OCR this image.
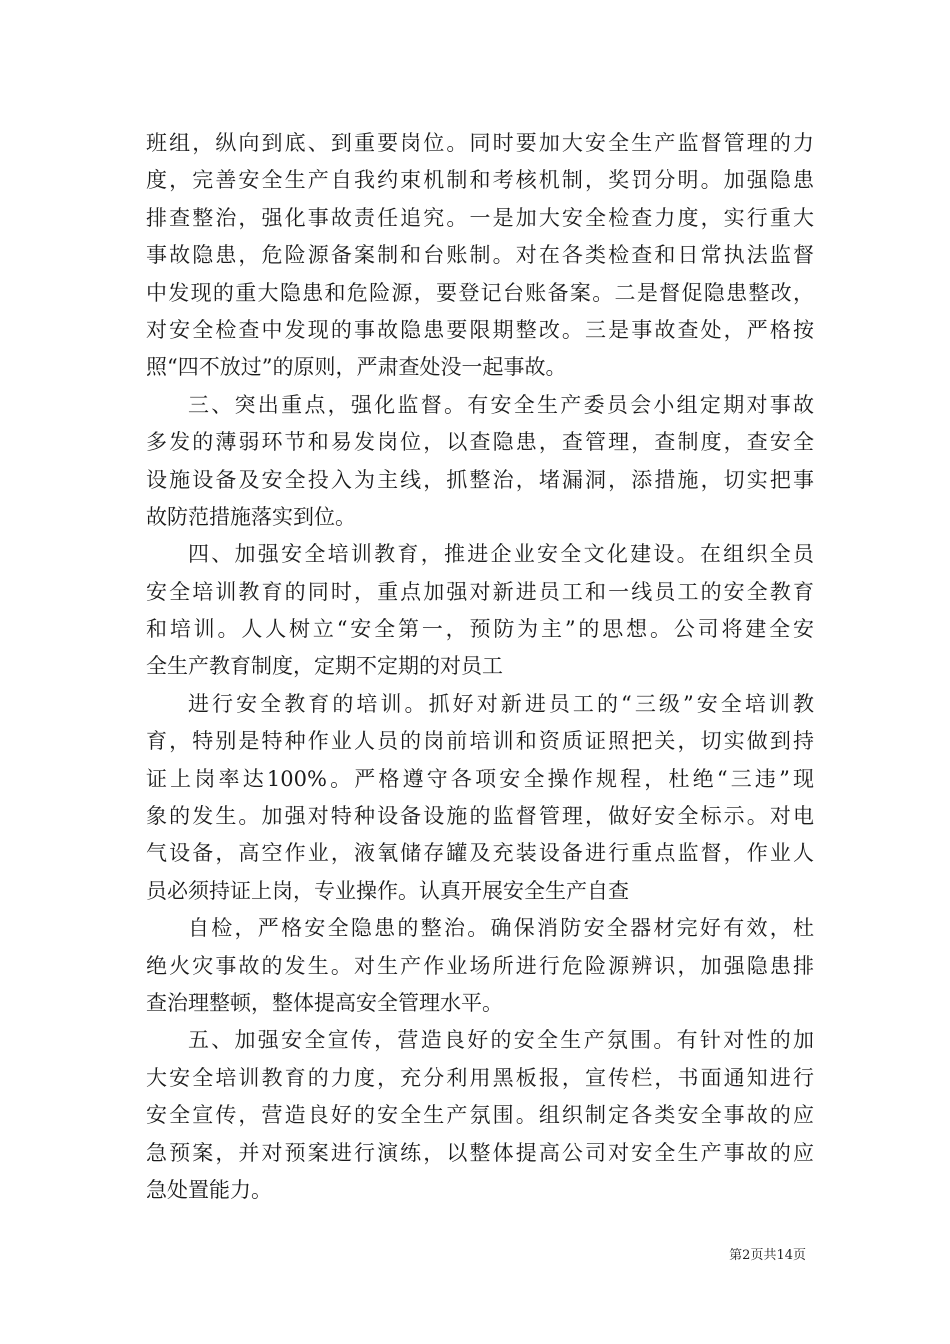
班组，纵向到底、到重要岗位。同时要加大安全生产监督管理的力
度，完善安全生产自我约束机制和考核机制，奖罚分明。加强隐患
排查整治，强化事故责任追究。一是加大安全检查力度，实行重大
事故隐患，危险源备案制和台账制。对在各类检查和日常执法监督
中发现的重大隐患和危险源，要登记台账备案。二是督促隐患整改，
对安全检查中发现的事故隐患要限期整改。三是事故查处，严格按
照“四不放过”的原则，严肃查处没一起事故。
三、突出重点，强化监督。有安全生产委员会小组定期对事故
多发的薄弱环节和易发岗位，以查隐患，查管理，查制度，查安全
设施设备及安全投入为主线，抓整治，堵漏洞，添措施，切实把事
故防范措施落实到位。
四、加强安全培训教育，推进企业安全文化建设。在组织全员
安全培训教育的同时，重点加强对新进员工和一线员工的安全教育
和培训。人人树立“安全第一，预防为主”的思想。公司将建全安
全生产教育制度，定期不定期的对员工
进行安全教育的培训。抓好对新进员工的“三级”安全培训教
育，特别是特种作业人员的岗前培训和资质证照把关，切实做到持
证上岗率达100%。严格遵守各项安全操作规程，杜绝“三违”现
象的发生。加强对特种设备设施的监督管理，做好安全标示。对电
气设备，高空作业，液氧储存罐及充装设备进行重点监督，作业人
员必须持证上岗，专业操作。认真开展安全生产自查
自检，严格安全隐患的整治。确保消防安全器材完好有效，杜
绝火灾事故的发生。对生产作业场所进行危险源辨识，加强隐患排
查治理整顿，整体提高安全管理水平。
五、加强安全宣传，营造良好的安全生产氛围。有针对性的加
大安全培训教育的力度，充分利用黑板报，宣传栏，书面通知进行
安全宣传，营造良好的安全生产氛围。组织制定各类安全事故的应
急预案，并对预案进行演练，以整体提高公司对安全生产事故的应
急处置能力。
第2页共14页
